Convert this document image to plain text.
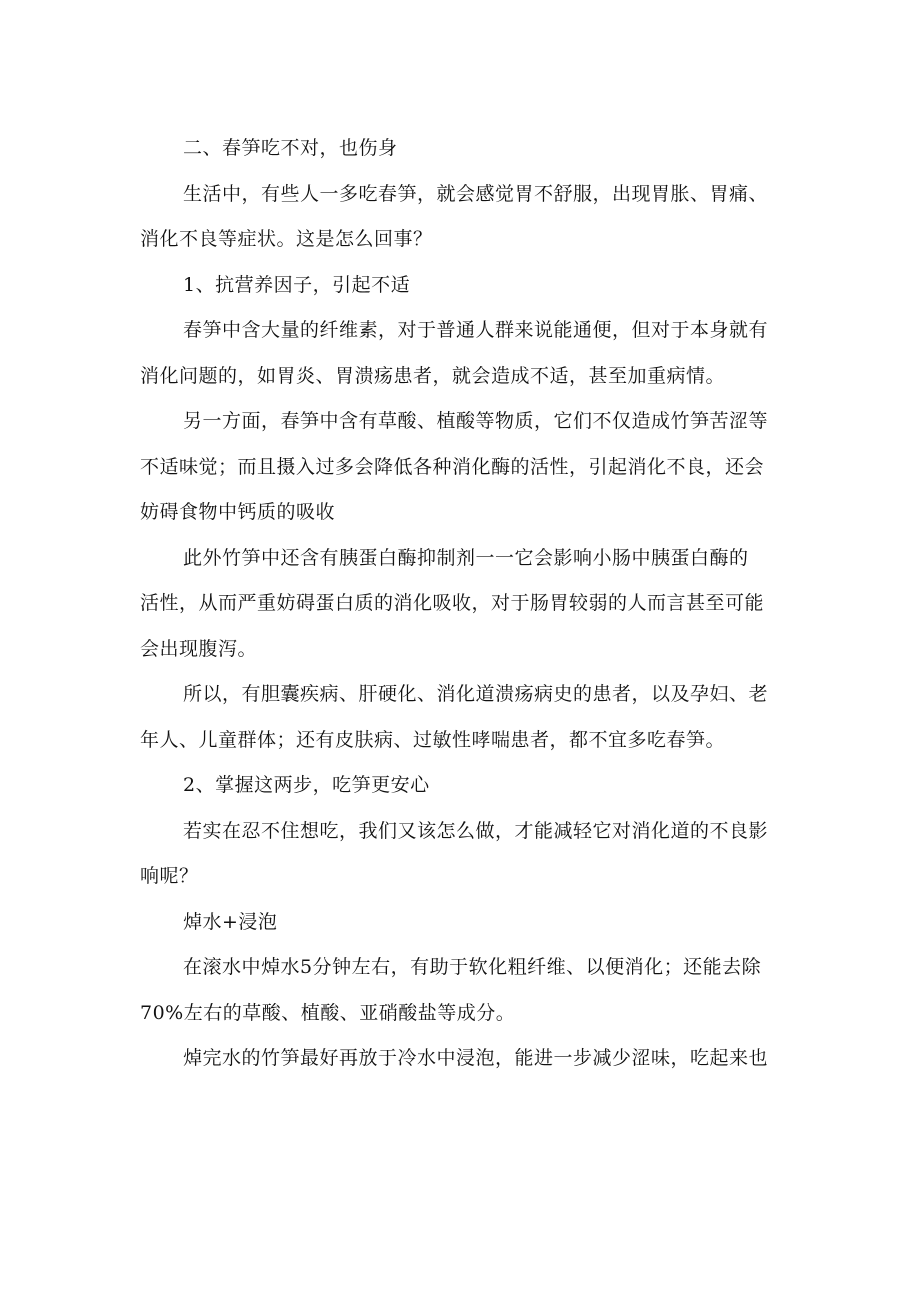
二、春笋吃不对，也伤身

生活中，有些人一多吃春笋，就会感觉胃不舒服，出现胃胀、胃痛、
消化不良等症状。这是怎么回事？

1、抗营养因子，引起不适

春笋中含大量的纤维素，对于普通人群来说能通便，但对于本身就有
消化问题的，如胃炎、胃溃疡患者，就会造成不适，甚至加重病情。

另一方面，春笋中含有草酸、植酸等物质，它们不仅造成竹笋苦涩等
不适味觉；而且摄入过多会降低各种消化酶的活性，引起消化不良，还会
妨碍食物中钙质的吸收

此外竹笋中还含有胰蛋白酶抑制剂一一它会影响小肠中胰蛋白酶的
活性，从而严重妨碍蛋白质的消化吸收，对于肠胃较弱的人而言甚至可能
会出现腹泻。

所以，有胆囊疾病、肝硬化、消化道溃疡病史的患者，以及孕妇、老
年人、儿童群体；还有皮肤病、过敏性哮喘患者，都不宜多吃春笋。

2、掌握这两步，吃笋更安心

若实在忍不住想吃，我们又该怎么做，才能减轻它对消化道的不良影
响呢？

焯水+浸泡

在滚水中焯水5分钟左右，有助于软化粗纤维、以便消化；还能去除
70%左右的草酸、植酸、亚硝酸盐等成分。

焯完水的竹笋最好再放于冷水中浸泡，能进一步减少涩味，吃起来也
